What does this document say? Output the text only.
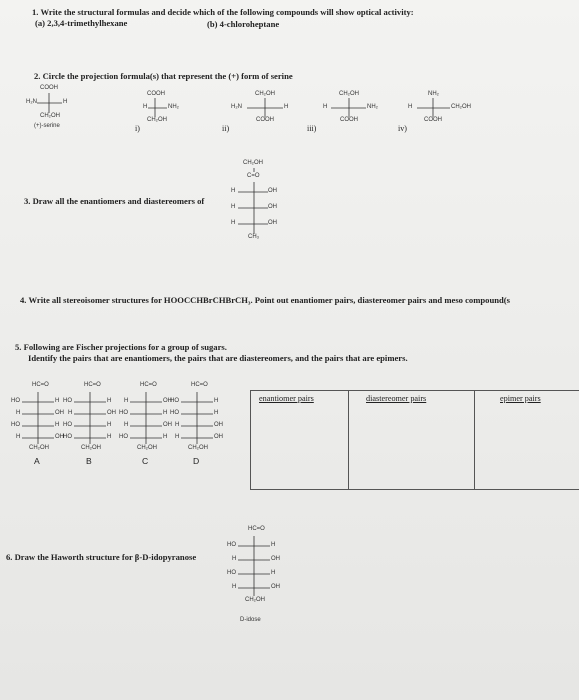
1. Write the structural formulas and decide which of the following compounds will show optical activity:
(a) 2,3,4-trimethylhexane	(b) 4-chloroheptane
2. Circle the projection formula(s) that represent the (+) form of serine
COOH
H₂N	H
CH₂OH
(+)-serine
COOH
H	NH₂
CH₂OH
i)
CH₂OH
H₂N	H
COOH
ii)
CH₂OH
H	NH₂
COOH
iii)
NH₂
H	CH₂OH
COOH
iv)
3. Draw all the enantiomers and diastereomers of
CH₂OH
C=O
H	OH
H	OH
H	OH
CH₃
4. Write all stereoisomer structures for HOOCCHBrCHBrCH₃. Point out enantiomer pairs, diastereomer pairs and meso compound(s
5. Following are Fischer projections for a group of sugars.
Identify the pairs that are enantiomers, the pairs that are diastereomers, and the pairs that are epimers.
HC=O
HO	H
H	OH
HO	H
H	OH
CH₂OH
A
HC=O
HO	H
H	OH
HO	H
HO	H
CH₂OH
B
HC=O
H	OH
HO	H
H	OH
HO	H
CH₂OH
C
HC=O
HO	H
HO	H
H	OH
H	OH
CH₂OH
D
enantiomer pairs	diastereomer pairs	epimer pairs
6. Draw the Haworth structure for β-D-idopyranose
HC=O
HO	H
H	OH
HO	H
H	OH
CH₂OH
D-idose
